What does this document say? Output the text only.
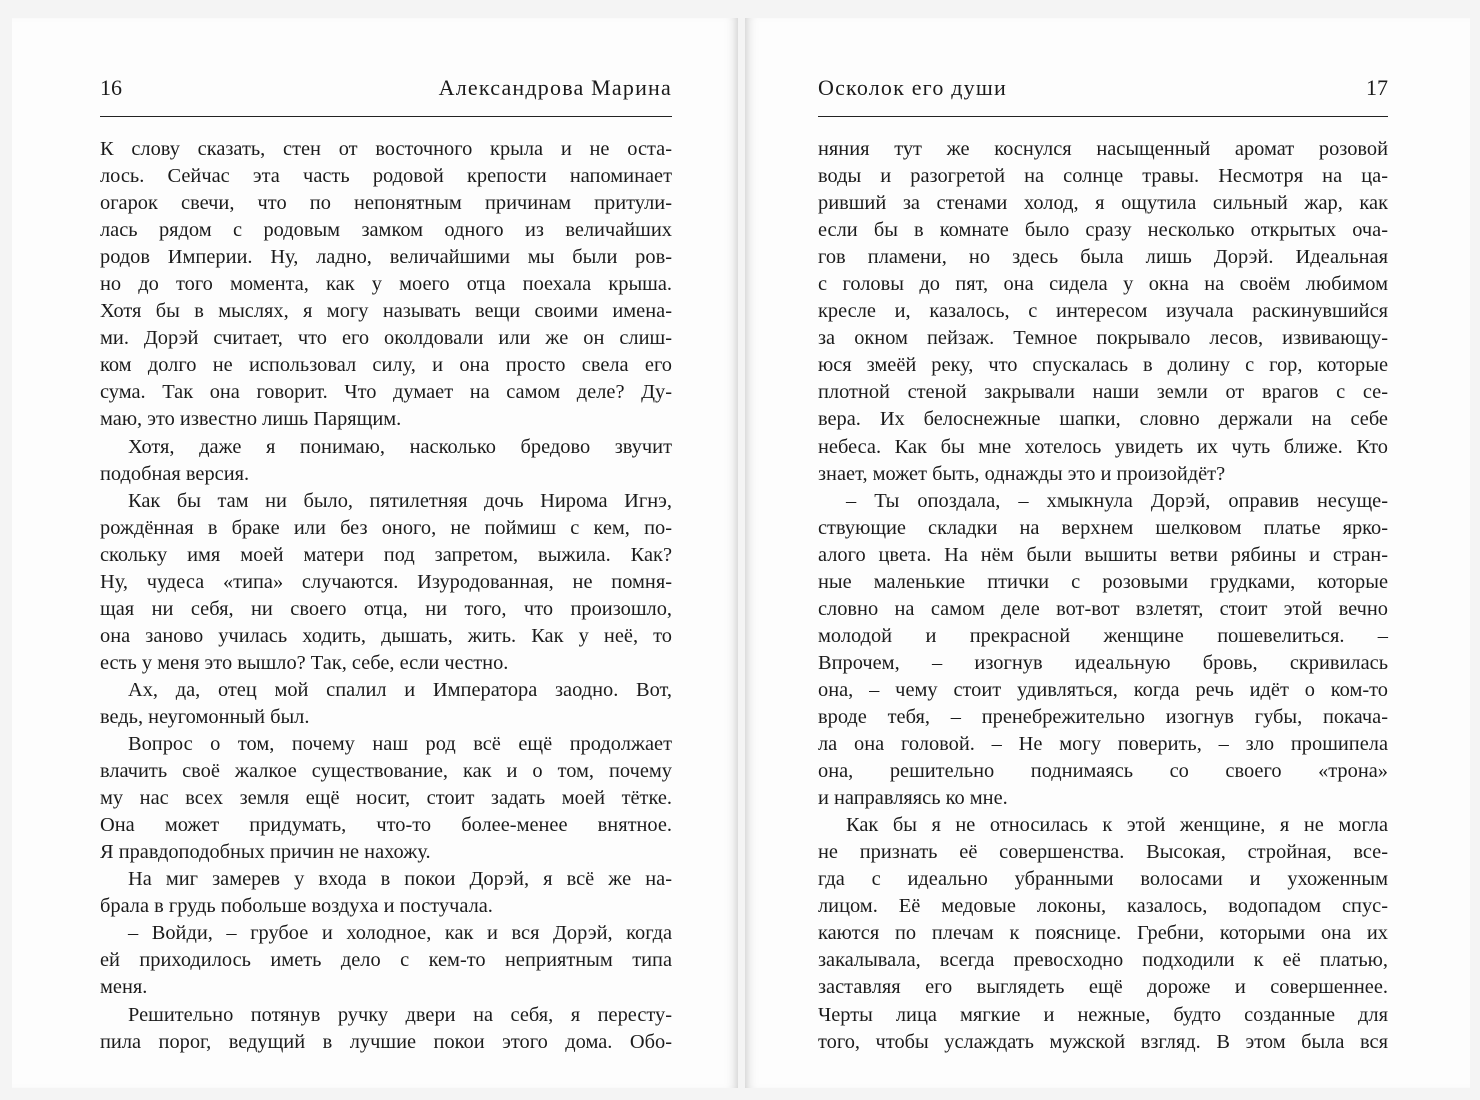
16	Александрова Марина
К слову сказать, стен от восточного крыла и не оста-
лось. Сейчас эта часть родовой крепости напоминает
огарок свечи, что по непонятным причинам притули-
лась рядом с родовым замком одного из величайших
родов Империи. Ну, ладно, величайшими мы были ров-
но до того момента, как у моего отца поехала крыша.
Хотя бы в мыслях, я могу называть вещи своими имена-
ми. Дорэй считает, что его околдовали или же он слиш-
ком долго не использовал силу, и она просто свела его
сума. Так она говорит. Что думает на самом деле? Ду-
маю, это известно лишь Парящим.
Хотя, даже я понимаю, насколько бредово звучит
подобная версия.
Как бы там ни было, пятилетняя дочь Нирома Игнэ,
рождённая в браке или без оного, не поймиш с кем, по-
скольку имя моей матери под запретом, выжила. Как?
Ну, чудеса «типа» случаются. Изуродованная, не помня-
щая ни себя, ни своего отца, ни того, что произошло,
она заново училась ходить, дышать, жить. Как у неё, то
есть у меня это вышло? Так, себе, если честно.
Ах, да, отец мой спалил и Императора заодно. Вот,
ведь, неугомонный был.
Вопрос о том, почему наш род всё ещё продолжает
влачить своё жалкое существование, как и о том, почему
му нас всех земля ещё носит, стоит задать моей тётке.
Она может придумать, что-то более-менее внятное.
Я правдоподобных причин не нахожу.
На миг замерев у входа в покои Дорэй, я всё же на-
брала в грудь побольше воздуха и постучала.
– Войди, – грубое и холодное, как и вся Дорэй, когда
ей приходилось иметь дело с кем-то неприятным типа
меня.
Решительно потянув ручку двери на себя, я пересту-
пила порог, ведущий в лучшие покои этого дома. Обо-
Осколок его души	17
няния тут же коснулся насыщенный аромат розовой
воды и разогретой на солнце травы. Несмотря на ца-
ривший за стенами холод, я ощутила сильный жар, как
если бы в комнате было сразу несколько открытых оча-
гов пламени, но здесь была лишь Дорэй. Идеальная
с головы до пят, она сидела у окна на своём любимом
кресле и, казалось, с интересом изучала раскинувшийся
за окном пейзаж. Темное покрывало лесов, извивающу-
юся змеёй реку, что спускалась в долину с гор, которые
плотной стеной закрывали наши земли от врагов с се-
вера. Их белоснежные шапки, словно держали на себе
небеса. Как бы мне хотелось увидеть их чуть ближе. Кто
знает, может быть, однажды это и произойдёт?
– Ты опоздала, – хмыкнула Дорэй, оправив несуще-
ствующие складки на верхнем шелковом платье ярко-
алого цвета. На нём были вышиты ветви рябины и стран-
ные маленькие птички с розовыми грудками, которые
словно на самом деле вот-вот взлетят, стоит этой вечно
молодой и прекрасной женщине пошевелиться. –
Впрочем, – изогнув идеальную бровь, скривилась
она, – чему стоит удивляться, когда речь идёт о ком-то
вроде тебя, – пренебрежительно изогнув губы, покача-
ла она головой. – Не могу поверить, – зло прошипела
она, решительно поднимаясь со своего «трона»
и направляясь ко мне.
Как бы я не относилась к этой женщине, я не могла
не признать её совершенства. Высокая, стройная, все-
гда с идеально убранными волосами и ухоженным
лицом. Её медовые локоны, казалось, водопадом спус-
каются по плечам к пояснице. Гребни, которыми она их
закалывала, всегда превосходно подходили к её платью,
заставляя его выглядеть ещё дороже и совершеннее.
Черты лица мягкие и нежные, будто созданные для
того, чтобы услаждать мужской взгляд. В этом была вся
